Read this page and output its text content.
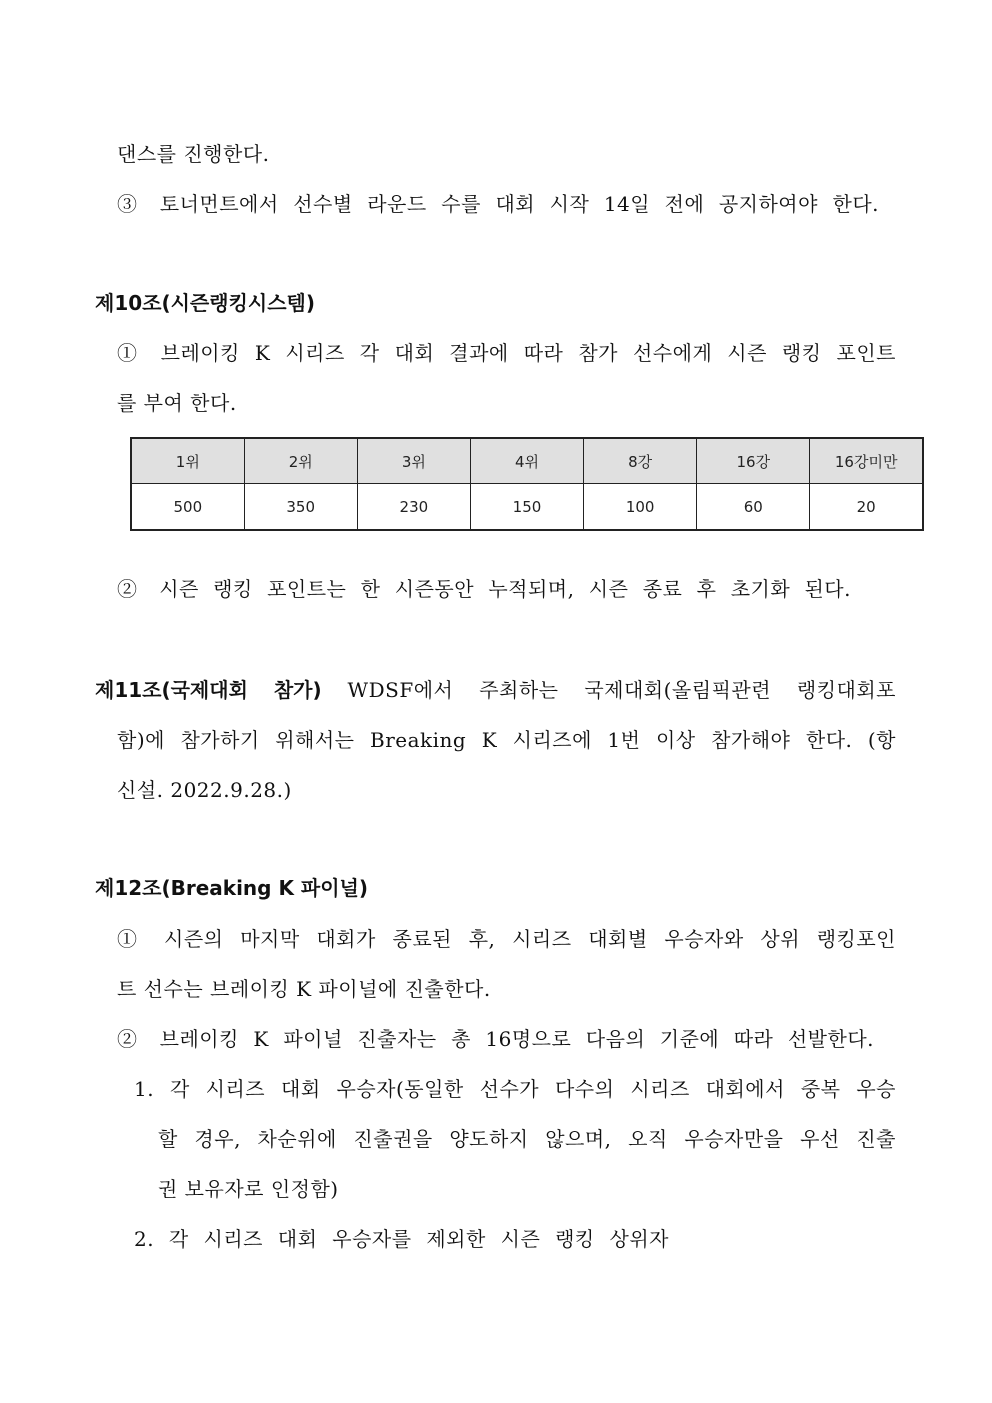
댄스를 진행한다.
③ 토너먼트에서 선수별 라운드 수를 대회 시작 14일 전에 공지하여야 한다.
제10조(시즌랭킹시스템)
① 브레이킹 K 시리즈 각 대회 결과에 따라 참가 선수에게 시즌 랭킹 포인트
를 부여 한다.
1위	2위	3위	4위	8강	16강	16강미만
500	350	230	150	100	60	20
② 시즌 랭킹 포인트는 한 시즌동안 누적되며, 시즌 종료 후 초기화 된다.
제11조(국제대회 참가) WDSF에서 주최하는 국제대회(올림픽관련 랭킹대회포
함)에 참가하기 위해서는 Breaking K 시리즈에 1번 이상 참가해야 한다. (항
신설. 2022.9.28.)
제12조(Breaking K 파이널)
① 시즌의 마지막 대회가 종료된 후, 시리즈 대회별 우승자와 상위 랭킹포인
트 선수는 브레이킹 K 파이널에 진출한다.
② 브레이킹 K 파이널 진출자는 총 16명으로 다음의 기준에 따라 선발한다.
1. 각 시리즈 대회 우승자(동일한 선수가 다수의 시리즈 대회에서 중복 우승
할 경우, 차순위에 진출권을 양도하지 않으며, 오직 우승자만을 우선 진출
권 보유자로 인정함)
2. 각 시리즈 대회 우승자를 제외한 시즌 랭킹 상위자
